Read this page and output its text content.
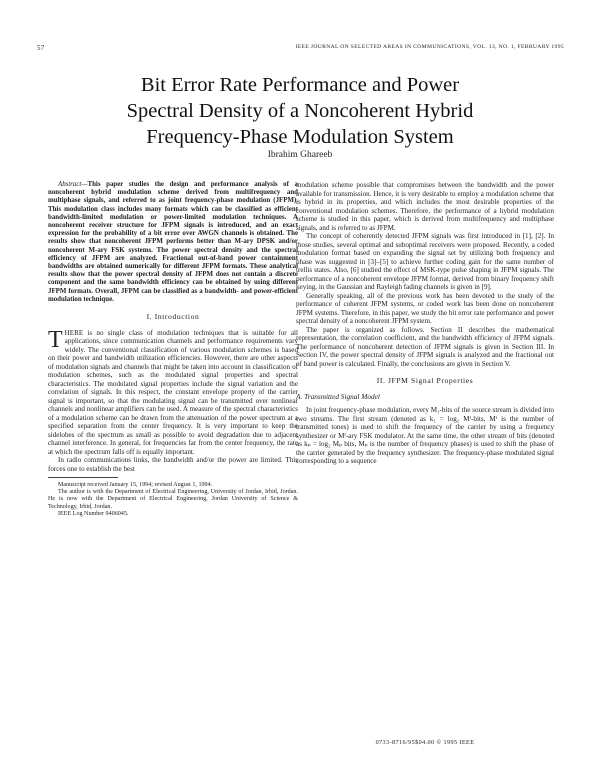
57	IEEE JOURNAL ON SELECTED AREAS IN COMMUNICATIONS, VOL. 13, NO. 1, FEBRUARY 1995
Bit Error Rate Performance and Power
Spectral Density of a Noncoherent Hybrid
Frequency-Phase Modulation System
Ibrahim Ghareeb

Abstract—This paper studies the design and performance analysis of a noncoherent hybrid modulation scheme derived from multifrequency and multiphase signals, and referred to as joint frequency-phase modulation (JFPM). This modulation class includes many formats which can be classified as efficient bandwidth-limited modulation or power-limited modulation techniques. A noncoherent receiver structure for JFPM signals is introduced, and an exact expression for the probability of a bit error over AWGN channels is obtained. The results show that noncoherent JFPM performs better than M-ary DPSK and/or noncoherent M-ary FSK systems. The power spectral density and the spectral efficiency of JFPM are analyzed. Fractional out-of-band power containment bandwidths are obtained numerically for different JFPM formats. These analytical results show that the power spectral density of JFPM does not contain a discrete component and the same bandwidth efficiency can be obtained by using different JFPM formats. Overall, JFPM can be classified as a bandwidth- and power-efficient modulation technique.

I. Introduction

THERE is no single class of modulation techniques that is suitable for all applications, since communication channels and performance requirements vary widely. The conventional classification of various modulation schemes is based on their power and bandwidth utilization efficiencies. However, there are other aspects of modulation signals and channels that might be taken into account in classification of modulation schemes, such as the modulated signal properties and spectral characteristics. The modulated signal properties include the signal variation and the correlation of signals. In this respect, the constant envelope property of the carrier signal is important, so that the modulating signal can be transmitted over nonlinear channels and nonlinear amplifiers can be used. A measure of the spectral characteristics of a modulation scheme can be drawn from the attenuation of the power spectrum at a specified separation from the center frequency. It is very important to keep the sidelobes of the spectrum as small as possible to avoid degradation due to adjacent channel interference. In general, for frequencies far from the center frequency, the rate at which the spectrum falls off is equally important.

In radio communications links, the bandwidth and/or the power are limited. This forces one to establish the best

Manuscript received January 15, 1994; revised August 1, 1994.
The author is with the Department of Electrical Engineering, University of Jordan, Irbid, Jordan. He is now with the Department of Electrical Engineering, Jordan University of Science & Technology, Irbid, Jordan.
IEEE Log Number 9406045.

modulation scheme possible that compromises between the bandwidth and the power available for transmission. Hence, it is very desirable to employ a modulation scheme that is hybrid in its properties, and which includes the most desirable properties of the conventional modulation schemes. Therefore, the performance of a hybrid modulation scheme is studied in this paper, which is derived from multifrequency and multiphase signals, and is referred to as JFPM.

The concept of coherently detected JFPM signals was first introduced in [1], [2]. In those studies, several optimal and suboptimal receivers were proposed. Recently, a coded modulation format based on expanding the signal set by utilizing both frequency and phase was suggested in [3]–[5] to achieve further coding gain for the same number of trellis states. Also, [6] studied the effect of MSK-type pulse shaping in JFPM signals. The performance of a noncoherent envelope JFPM format, derived from binary frequency shift keying, in the Gaussian and Rayleigh fading channels is given in [9].

Generally speaking, all of the previous work has been devoted to the study of the performance of coherent JFPM systems, or coded work has been done on noncoherent JFPM systems. Therefore, in this paper, we study the bit error rate performance and power spectral density of a noncoherent JFPM system.

The paper is organized as follows. Section II describes the mathematical representation, the correlation coefficient, and the bandwidth efficiency of JFPM signals. The performance of noncoherent detection of JFPM signals is given in Section III. In Section IV, the power spectral density of JFPM signals is analyzed and the fractional out of band power is calculated. Finally, the conclusions are given in Section V.

II. JFPM Signal Properties
A. Transmitted Signal Model

In joint frequency-phase modulation, every M₁-bits of the source stream is divided into two streams. The first stream (denoted as k₁ = log₂ Mᶠ-bits, Mᶠ is the number of transmitted tones) is used to shift the frequency of the carrier by using a frequency synthesizer or Mᶠ-ary FSK modulator. At the same time, the other stream of bits (denoted as kₚ = log₂ Mₚ bits, Mₚ is the number of frequency phases) is used to shift the phase of the carrier generated by the frequency synthesizer. The frequency-phase modulated signal corresponding to a sequence

0733-8716/95$04.00 © 1995 IEEE
